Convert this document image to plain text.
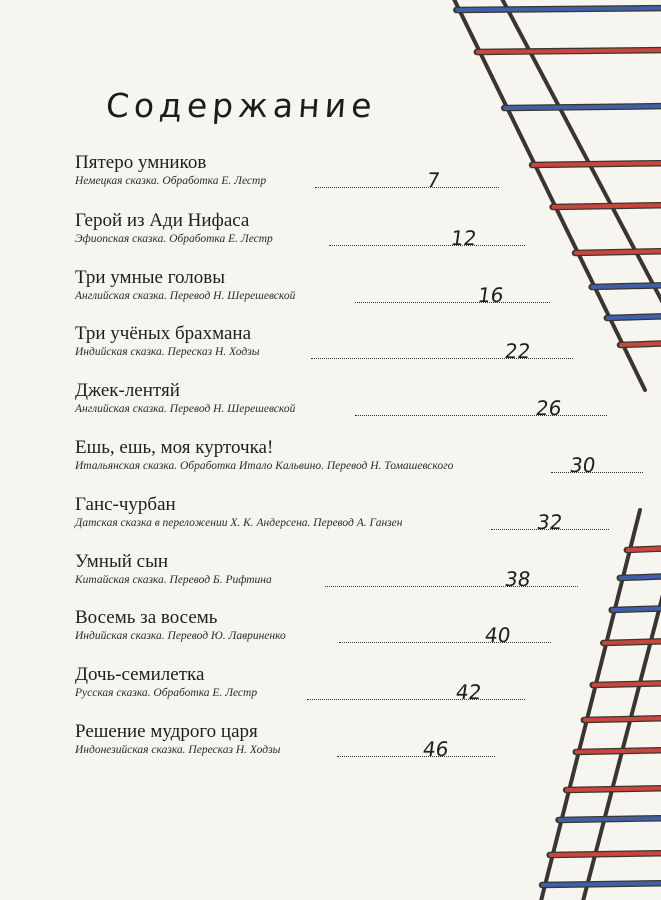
Содержание
Пятеро умников
Немецкая сказка. Обработка Е. Лестр	7
Герой из Ади Нифаса
Эфиопская сказка. Обработка Е. Лестр	12
Три умные головы
Английская сказка. Перевод Н. Шерешевской	16
Три учёных брахмана
Индийская сказка. Пересказ Н. Ходзы	22
Джек-лентяй
Английская сказка. Перевод Н. Шерешевской	26
Ешь, ешь, моя курточка!
Итальянская сказка. Обработка Итало Кальвино. Перевод Н. Томашевского	30
Ганс-чурбан
Датская сказка в переложении Х. К. Андерсена. Перевод А. Ганзен	32
Умный сын
Китайская сказка. Перевод Б. Рифтина	38
Восемь за восемь
Индийская сказка. Перевод Ю. Лавриненко	40
Дочь-семилетка
Русская сказка. Обработка Е. Лестр	42
Решение мудрого царя
Индонезийская сказка. Пересказ Н. Ходзы	46
